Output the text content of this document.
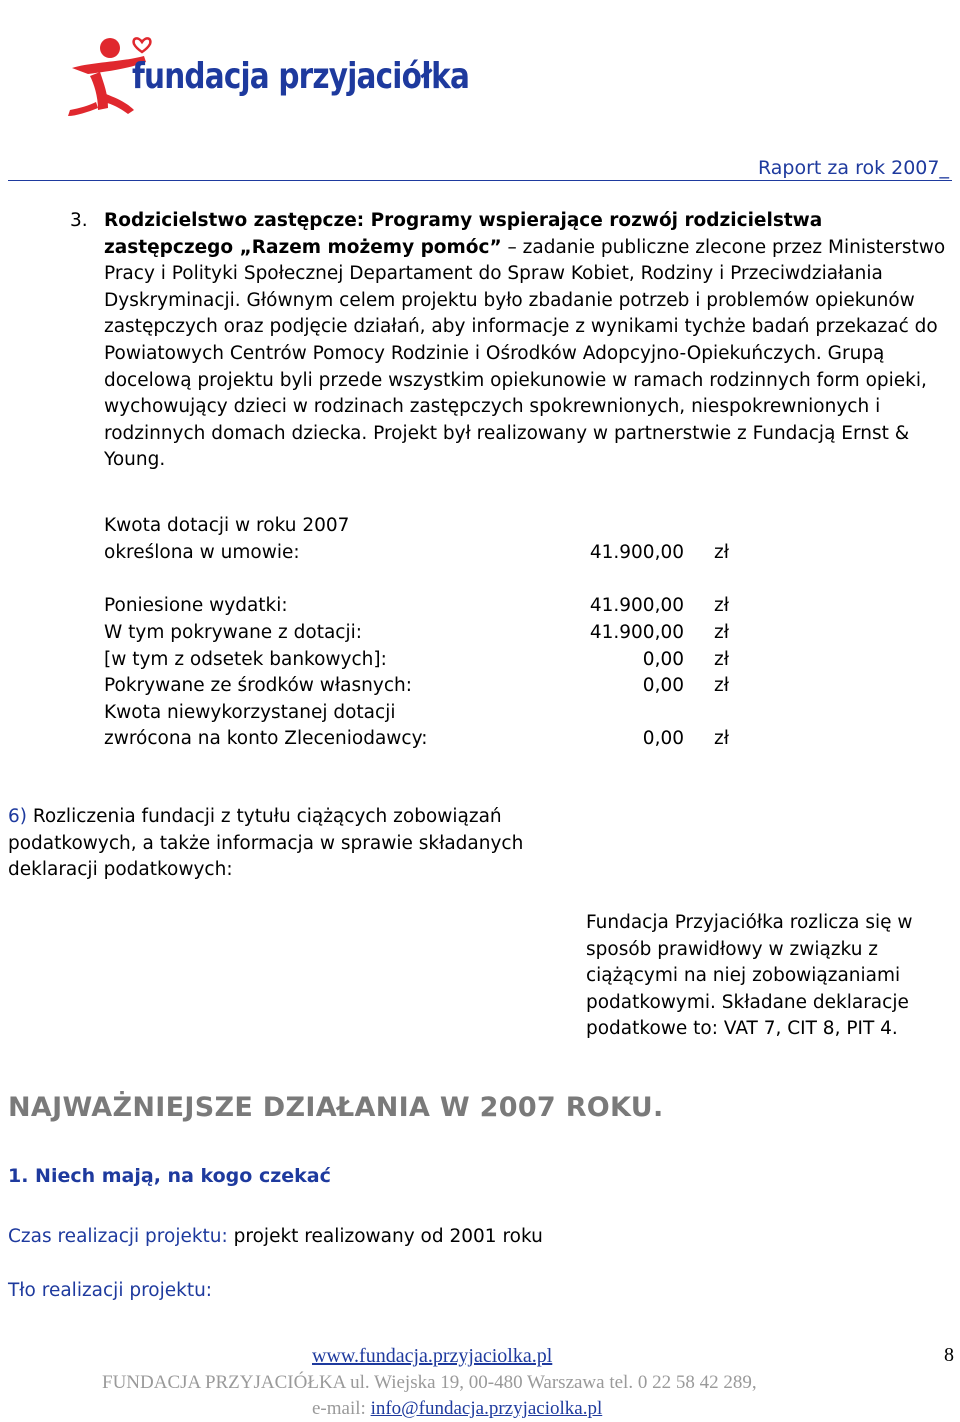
fundacja przyjaciółka
Raport za rok 2007_
3. Rodzicielstwo zastępcze: Programy wspierające rozwój rodzicielstwa zastępczego „Razem możemy pomóc” – zadanie publiczne zlecone przez Ministerstwo Pracy i Polityki Społecznej Departament do Spraw Kobiet, Rodziny i Przeciwdziałania Dyskryminacji. Głównym celem projektu było zbadanie potrzeb i problemów opiekunów zastępczych oraz podjęcie działań, aby informacje z wynikami tychże badań przekazać do Powiatowych Centrów Pomocy Rodzinie i Ośrodków Adopcyjno-Opiekuńczych. Grupą docelową projektu byli przede wszystkim opiekunowie w ramach rodzinnych form opieki, wychowujący dzieci w rodzinach zastępczych spokrewnionych, niespokrewnionych i rodzinnych domach dziecka. Projekt był realizowany w partnerstwie z Fundacją Ernst & Young.
Kwota dotacji w roku 2007
określona w umowie:	41.900,00 zł
Poniesione wydatki:	41.900,00 zł
W tym pokrywane z dotacji:	41.900,00 zł
[w tym z odsetek bankowych]:	0,00 zł
Pokrywane ze środków własnych:	0,00 zł
Kwota niewykorzystanej dotacji
zwrócona na konto Zleceniodawcy:	0,00 zł
6) Rozliczenia fundacji z tytułu ciążących zobowiązań podatkowych, a także informacja w sprawie składanych deklaracji podatkowych:
Fundacja Przyjaciółka rozlicza się w sposób prawidłowy w związku z ciążącymi na niej zobowiązaniami podatkowymi. Składane deklaracje podatkowe to: VAT 7, CIT 8, PIT 4.
NAJWAŻNIEJSZE DZIAŁANIA W 2007 ROKU.
1. Niech mają, na kogo czekać
Czas realizacji projektu: projekt realizowany od 2001 roku
Tło realizacji projektu:
www.fundacja.przyjaciolka.pl
FUNDACJA PRZYJACIÓŁKA ul. Wiejska 19, 00-480 Warszawa tel. 0 22 58 42 289,
e-mail: info@fundacja.przyjaciolka.pl
8
